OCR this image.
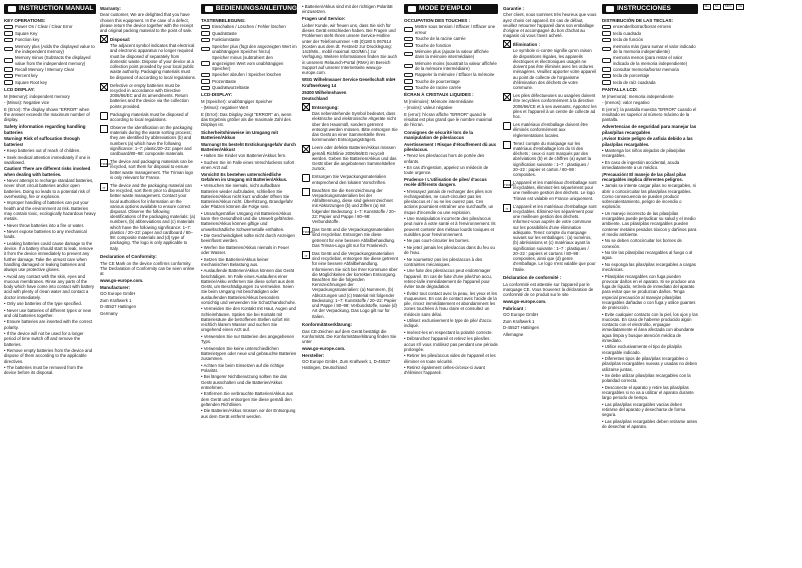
INSTRUCTION MANUAL
KEY OPERATIONS:
Power On / Clear / Clear Error
Square Key
Function key
Memory plus (Adds the displayed value to the independent memory)
Memory minus (Subtracts the displayed value from the independent memory)
Recall Memory / Memory Clear
Percent key
Square Root key
LCD DISPLAY:

M (Memory): independent memory

- (Minus): Negative vice

E (Error): The display shows "ERROR" when the answer exceeds the maximum number of display.

Safety information regarding handling batteries

Warning! Risk of suffocation through batteries!

• Keep batteries out of reach of children.

• Seek medical attention immediately if one is swallowed.

Caution! There are different risks involved when dealing with batteries.

• Never attempt to recharge standard batteries, never short circuit batteries and/or open batteries. Doing so leads to a potential risk of overheating, fire or explosion.

• Improper handling of batteries can put your health and the environment at risk. Batteries may contain toxic, ecologically hazardous heavy metals.

• Never throw batteries into a fire or water.

• Never expose batteries to any mechanical loads.

• Leaking batteries could cause damage to the device. If a battery should start to leak, remove it from the device immediately to prevent any further damage. Take the utmost care when handling damaged or leaking batteries and always use protective gloves.

• Avoid any contact with the skin, eyes and mucous membranes. Rinse any parts of the body which have come into contact with battery acid with plenty of clean water and contact a doctor immediately.

• Only use batteries of the type specified.

• Never use batteries of different types or new and old batteries together.

• Ensure batteries are inserted with the correct polarity.

• If the device will not be used for a longer period of time switch off and remove the batteries.

• Remove empty batteries from the device and dispose of them according to the applicable directives.

• The batteries must be removed from the device before its disposal.

Warranty:

Dear customer, We are delighted that you have chosen this equipment. In the case of a defect, please return the device together with the receipt and original packing material to the point of sale.

Disposal:

The adjacent symbol indicates that electrical and electronic apparatus no longer required must be disposed of separately from domestic waste. Dispose of your device at a collection point provided by your local public waste authority. Packaging materials must be disposed of according to local regulations.

Defective or empty batteries must be recycled in accordance with Directive 2006/66/EC and its amendments. Return batteries and the device via the collection points provided.

Packaging materials must be disposed of according to local regulations.

Observe the identification on the packaging materials during the waste sorting process; they are identified by abbreviations (b) and numbers (a) which have the following significance: 1–7: plastic/20–22: paper and cardboard/80–98: composite materials.

TRIMAN

The device and packaging materials can be recycled, sort them for disposal to ensure better waste management. The Triman logo is only relevant for France.

IT	The device and the packaging material can be recycled, sort them prior to disposal for better waste management. Contact your local authorities for information on the various options available to ensure correct disposal. Observe the following identifications of the packaging materials: (a) numbers, (b) abbreviations and (c) materials which have the following significance: 1–7: plastics / 20–22: paper and cardboard / 80–98: composite materials and (d) type of packaging. The logo is only applicable to Italy.

Declaration of Conformity:

The CE Mark on the device confirms conformity. The Declaration of Conformity can be seen online at

www.go-europe.com.

Manufacturer:

GO Europe GmbH

Zum Kraftwerk 1

D-45527 Hattingen

Germany

BEDIENUNGSANLEITUNG
TASTENBELEGUNG:
Einschalten / Löschen / Fehler löschen
Quadrattaste
Funktionstaste
Speicher plus (fügt den angezeigten Wert im unabhängigen Speicher hinzu)
Speicher minus (subtrahiert den angezeigten Wert vom unabhängigen Speicher)
Speicher abrufen / Speicher löschen
Prozenttaste
Quadratwurzeltaste
LCD-DISPLAY:

M (Speicher): unabhängiger Speicher

- (Minus): negativer Wert

E (Error): Das Display zeigt "ERROR" an, wenn das Ergebnis größer als die maximale Zahl des Displays ist.

Sicherheitshinweise im Umgang mit Batterien/Akkus

Warnung! Es besteht Erstickungsgefahr durch Batterien/Akkus!

• Halten Sie Kinder von Batterien/Akkus fern.

• Suchen Sie im Falle eines Verschluckens sofort einen Arzt auf.

Vorsicht! Es bestehen unterschiedliche Gefahren im Umgang mit Batterien/Akkus.

• Versuchen Sie niemals, nicht aufladbare Batterien wieder aufzuladen, schließen Sie Batterien/Akkus nicht kurz und/oder öffnen Sie Batterien/Akkus nicht. Überhitzung, Brandgefahr oder Platzen können die Folge sein.

• Unsachgemäßer Umgang mit Batterien/Akkus kann Ihre Gesundheit und die Umwelt gefährden. Batterien/Akkus können giftige und umweltschädliche Schwermetalle enthalten.

• Die Geschwindigkeit sollte nicht durch Anzeigen beeinflusst werden.

• Werfen Sie Batterien/Akkus niemals in Feuer oder Wasser.

• Setzen Sie Batterien/Akkus keiner mechanischen Belastung aus.

• Auslaufende Batterien/Akkus können das Gerät beschädigen. Im Falle eines Auslaufens einer Batterie/Akku entfernen Sie diese sofort aus dem Gerät, um Beschädigungen zu vermeiden. Seien Sie beim Umgang mit beschädigten oder auslaufenden Batterien/Akkus besonders vorsichtig und verwenden Sie Schutzhandschuhe.

• Vermeiden Sie den Kontakt mit Haut, Augen und Schleimhäuten. Spülen Sie bei Kontakt mit Batteriesäure die betroffenen Stellen sofort mit reichlich klarem Wasser und suchen Sie umgehend einen Arzt auf.

• Verwenden Sie nur Batterien des angegebenen Typs.

• Verwenden Sie keine unterschiedlichen Batterietypen oder neue und gebrauchte Batterien zusammen.

• Achten Sie beim Einsetzen auf die richtige Polarität.

• Bei längerer Nichtbenutzung sollten Sie das Gerät ausschalten und die Batterien/Akkus entnehmen.

• Entfernen Sie verbrauchte Batterien/Akkus aus dem Gerät und entsorgen Sie diese gemäß den geltenden Richtlinien.

• Die Batterien/Akkus müssen vor der Entsorgung aus dem Gerät entfernt werden.

• Batterien/Akkus sind mit der richtigen Polarität einzusetzen.

Fragen und Service:

Lieber Kunde, wir freuen uns, dass Sie sich für dieses Gerät entschieden haben. Bei Fragen und Problemen steht Ihnen unsere Service-Hotline unter der Telefonnummer +49 (0)180 5 067614 (Kosten aus dem dt. Festnetz zur Drucklegung: 14ct/Min., mobil maximal 42ct/Min.) zur Verfügung. Weitere Informationen finden Sie auch in unserem Relaunch-Portal (RMA) im Bereich Support auf unserer Internetseite www.go-europe.com.

WSG Wilhelmsauer Service Gesellschaft mbH

Kraftwerkweg 14

25300 Wilhelmshaven

Deutschland

Entsorgung:

Das nebenstehende Symbol bedeutet, dass elektrische und elektronische Altgeräte nicht über den Hausmüll, sondern getrennt entsorgt werden müssen. Bitte entsorgen Sie das Gerät an einer Sammelstelle Ihres kommunalen Entsorgungsträgers.

Leere oder defekte Batterien/Akkus müssen gemäß Richtlinie 2006/66/EG recycelt werden. Geben Sie Batterien/Akkus und das Gerät über die angebotenen Sammelstellen zurück.

Entsorgen Sie Verpackungsmaterialien entsprechend den lokalen Vorschriften.

Beachten Sie die Kennzeichnung der Verpackungsmaterialien bei der Abfalltrennung, diese sind gekennzeichnet mit Abkürzungen (b) und Ziffern (a) mit folgender Bedeutung: 1–7: Kunststoffe / 20–22: Papier und Pappe / 80–98: Verbundstoffe.

TRIMAN

Das Gerät und die Verpackungsmaterialien sind recyclebar. Entsorgen Sie diese getrennt für eine bessere Abfallbehandlung. Das Triman-Logo gilt nur für Frankreich.

IT	Das Gerät und die Verpackungsmaterialien sind recyclebar, entsorgen Sie diese getrennt für eine bessere Abfallbehandlung. Informieren Sie sich bei Ihrer Kommune über die Möglichkeiten der korrekten Entsorgung. Beachten Sie die folgenden Kennzeichnungen der Verpackungsmaterialien: (a) Nummern, (b) Abkürzungen und (c) Material mit folgender Bedeutung: 1–7: Kunststoffe / 20–22: Papier und Pappe / 80–98: Verbundstoffe, sowie (d) Art der Verpackung. Das Logo gilt nur für Italien.

Konformitätserklärung:

Das CE-Zeichen auf dem Gerät bestätigt die Konformität. Die Konformitätserklärung finden Sie unter

www.go-europe.com.

Hersteller:

GO Europe GmbH, Zum Kraftwerk 1, D-45527 Hattingen, Deutschland

MODE D'EMPLOI
OCCUPATION DES TOUCHES :
Mettre sous tension / Effacer / Effacer une erreur
Touche de la racine carrée
Touche de fonction
Mémoire plus (ajoute la valeur affichée dans la mémoire intermédiaire)
Mémoire moins (soustrait la valeur affichée de la mémoire intermédiaire)
Rappeler la mémoire / Effacer la mémoire
Touche de pourcentage
Touche de racine carrée
ÉCRAN À CRISTAUX LIQUIDES :

M (mémoire): Mémoire intermédiaire

- (moins): valeur négative

E (error): l'écran affiche "ERROR" quand le résultat est plus grand que le nombre maximal de l'écran.

Consignes de sécurité lors de la manipulation de piles/accus

Avertissement ! Risque d'étouffement dû aux piles/accus.

• Tenez les piles/accus hors de portée des enfants.

• En cas d'ingestion, appelez un médecin de toute urgence.

Prudence ! L'utilisation de piles/ d'accus recèle différents dangers.

• N'essayez jamais de recharger des piles non rechargeables, ne court-circuitez pas les piles/accus et / ou ne les ouvrez pas. Ces actions pourraient entraîner une surchauffe, un risque d'incendie ou une explosion.

• Une manipulation incorrecte des piles/accus peut nuire à votre santé et à l'environnement. Ils peuvent contenir des métaux lourds toxiques et nuisibles pour l'environnement.

• Ne pas court-circuiter les bornes.

• Ne jetez jamais les piles/accus dans du feu ou de l'eau.

• Ne soumettez pas les piles/accus à des contraintes mécaniques.

• Une fuite des piles/accus peut endommager l'appareil. En cas de fuite d'une pile/d'un accu, retirez-la/le immédiatement de l'appareil pour éviter toute dégradation.

• Évitez tout contact avec la peau, les yeux et les muqueuses. En cas de contact avec l'acide de la pile, rincez immédiatement et abondamment les zones touchées à l'eau claire et consultez un médecin sans délai.

• Utilisez exclusivement le type de pile/ d'accu indiqué.

• Insérez-les en respectant la polarité correcte.

• Débranchez l'appareil et retirez les piles/les accus s'il vous n'utilisez pas pendant une période prolongée.

• Retirer les piles/accus vides de l'appareil et les éliminer en toute sécurité.

• Retirez également celles-ci/ceux-ci avant d'éliminer l'appareil.

Garantie :

Cher client, nous sommes très heureux que vous ayez choisi cet appareil. En cas de défaut, veuillez retourner l'appareil dans son emballage d'origine et accompagné du bon d'achat au magasin où vous l'avez acheté.

Élimination :

Le symbole ci-contre signifie qu'en raison de dispositions légales, les appareils électriques et électroniques usagés ne doivent pas être éliminés avec les ordures ménagères. Veuillez apporter votre appareil au point de collecte de l'organisme d'élimination des déchets de votre commune.

Les piles défectueuses ou usagées doivent être recyclées conformément à la directive 2006/66/CE et à ses avenants. Apportez les piles et l'appareil à un centre de collecte ad hoc.

Les matériaux d'emballage doivent être éliminés conformément aux réglementations locales.

Tenez compte du marquage sur les matériaux d'emballage lors du tri des déchets ; ceux-ci sont marqués par des abréviations (b) et de chiffres (a) ayant la signification suivante : 1–7 : plastiques / 20–22 : papier et carton / 80–98 : composites.

TRIMAN

L'appareil et les matériaux d'emballage sont recyclables, éliminez-les séparément pour une meilleure gestion des déchets. Le logo Triman est valable en France uniquement.

IT	L'appareil et les matériaux d'emballage sont recyclables. Éliminez-les séparément pour une meilleure gestion des déchets. Informez-vous auprès de votre commune sur les possibilités d'une élimination adéquate. Tenez compte du marquage suivant sur les emballages : (a) numéros, (b) abréviations et (c) matériaux ayant la signification suivante : 1–7 : plastiques / 20–22 : papiers et cartons / 80–98 : composites, ainsi que (d) genre d'emballage. Le logo n'est valable que pour l'Italie.

Déclaration de conformité :

La conformité est attestée sur l'appareil par le marquage CE. Vous trouverez la déclaration de conformité de ce produit sur le site

www.go-europe.com.

Fabricant :

GO Europe GmbH

Zum Kraftwerk 1

D-45527 Hattingen

Allemagne

INSTRUCCIONES
DISTRIBUCIÓN DE LAS TECLAS:
encender/borrar/borrar errores
tecla cuadrado
tecla de función
memoria más (para sumar el valor indicado de la memoria independiente)
memoria menos (para restar el valor indicado de la memoria independiente)
consultar memoria/borrar memoria
tecla de porcentaje
tecla de raíz cuadrada
PANTALLA LCD:

M (memoria): memoria independiente

- (menos): valor negativo

E (error): la pantalla muestra "ERROR" cuando el resultado es superior al número máximo de la pantalla.

Advertencias de seguridad para manejar las pilas/pilas recargables

¡Aviso! Existe peligro de asfixia debido a las pilas/pilas recargables.

• Mantenga los niños alejados de pilas/pilas recargables.

• En caso de ingestión accidental, acuda inmediatamente a un médico.

¡Precaución! El manejo de las pilas/ pilas recargables implica diferentes peligros.

• Jamás se intente cargar pilas no recargables, ni abrir o cortocircuitar las pilas/pilas recargables. Como consecuencia se pueden producir sobrecalentamiento, peligro de incendio o explosión.

• Un manejo incorrecto de las pilas/pilas recargables puede perjudicar su salud y el medio ambiente. Las pilas/pilas recargables pueden contener metales pesados tóxicos y dañinos para el medio ambiente.

• No se deben cortocircuitar los bornes de conexión.

• No tire las pilas/pilas recargables al fuego o al agua.

• No exponga las pilas/pilas recargables a cargas mecánicas.

• Pilas/pilas recargables con fuga pueden provocar daños en el aparato. Si se produce una fuga de líquido, retírela de inmediato del aparato para evitar que se produzcan daños. Tenga especial precaución al manejar pilas/pilas recargables dañadas o con fuga y utilice guantes de protección.

• Evite cualquier contacto con la piel, los ojos y las mucosas. En caso de haberse producido algún contacto con el electrolito, enjuague inmediatamente el área afectada con abundante agua limpia y busque atención médica de inmediato.

• Utilice exclusivamente el tipo de pila/pila recargable indicado.

• Diferentes tipos de pilas/pilas recargables o pilas/pilas recargables nuevas y usadas no deben utilizarse juntas.

• Se debe utilizar pilas/pilas recargables con la polaridad correcta.

• Desconecte el aparato y retire las pilas/pilas recargables si no va a utilizar el aparato durante largo periodo de tiempo.

• Las pilas/pilas recargables vacías deben retirarse del aparato y desecharse de forma segura.

• Las pilas/pilas recargables deben retirarse antes de desechar el aparato.

M+ M- MRC CE
